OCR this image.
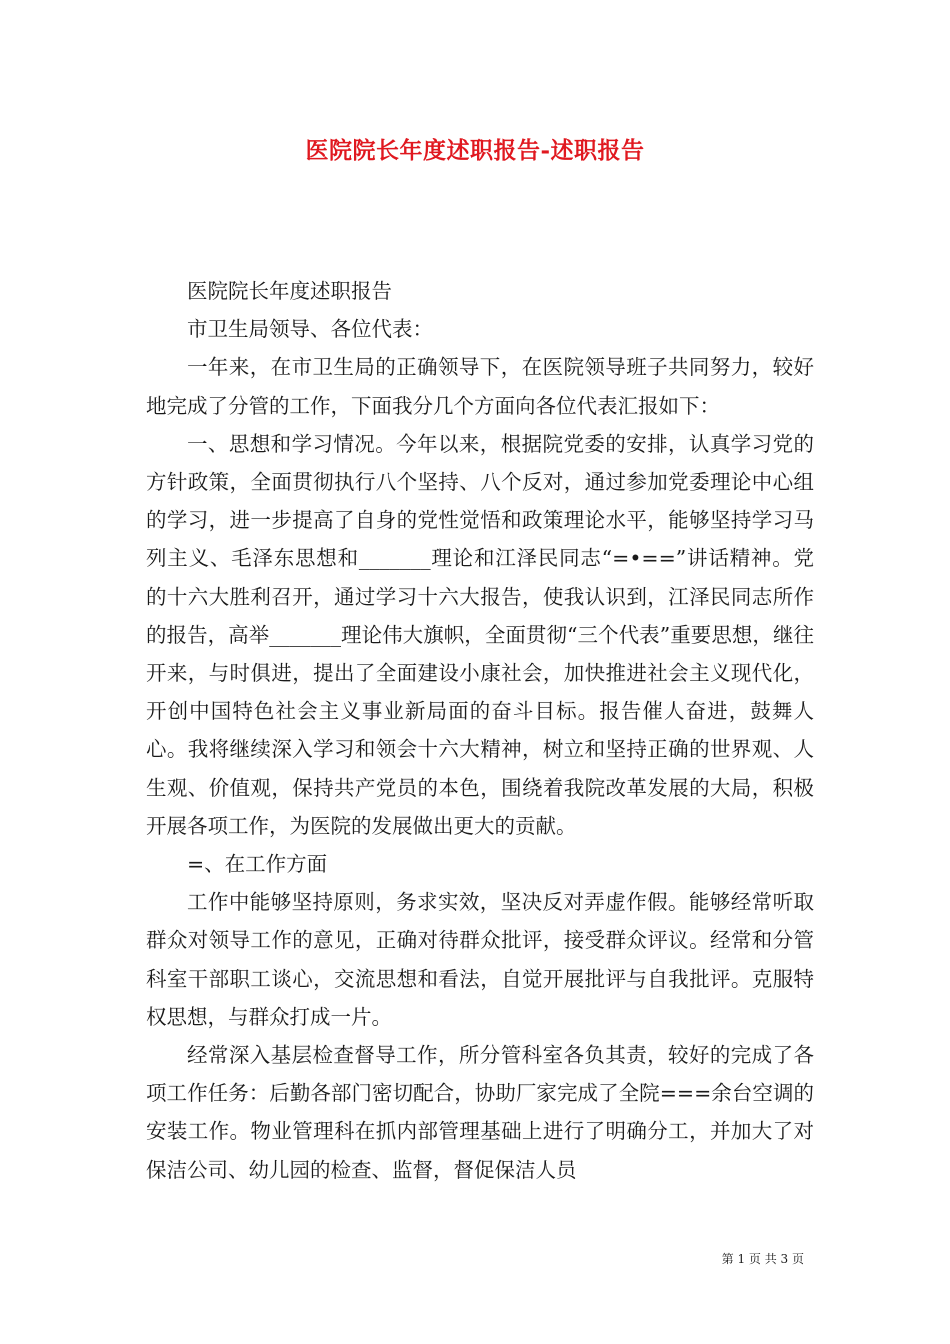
医院院长年度述职报告-述职报告

医院院长年度述职报告

市卫生局领导、各位代表：

一年来，在市卫生局的正确领导下，在医院领导班子共同努力，较好地完成了分管的工作，下面我分几个方面向各位代表汇报如下：

一、思想和学习情况。今年以来，根据院党委的安排，认真学习党的方针政策，全面贯彻执行八个坚持、八个反对，通过参加党委理论中心组的学习，进一步提高了自身的党性觉悟和政策理论水平，能够坚持学习马列主义、毛泽东思想和_______理论和江泽民同志“=•==”讲话精神。党的十六大胜利召开，通过学习十六大报告，使我认识到，江泽民同志所作的报告，高举_______理论伟大旗帜，全面贯彻“三个代表”重要思想，继往开来，与时俱进，提出了全面建设小康社会，加快推进社会主义现代化，开创中国特色社会主义事业新局面的奋斗目标。报告催人奋进，鼓舞人心。我将继续深入学习和领会十六大精神，树立和坚持正确的世界观、人生观、价值观，保持共产党员的本色，围绕着我院改革发展的大局，积极开展各项工作，为医院的发展做出更大的贡献。

=、在工作方面

工作中能够坚持原则，务求实效，坚决反对弄虚作假。能够经常听取群众对领导工作的意见，正确对待群众批评，接受群众评议。经常和分管科室干部职工谈心，交流思想和看法，自觉开展批评与自我批评。克服特权思想，与群众打成一片。

经常深入基层检查督导工作，所分管科室各负其责，较好的完成了各项工作任务：后勤各部门密切配合，协助厂家完成了全院===余台空调的安装工作。物业管理科在抓内部管理基础上进行了明确分工，并加大了对保洁公司、幼儿园的检查、监督，督促保洁人员

第 1 页 共 3 页
